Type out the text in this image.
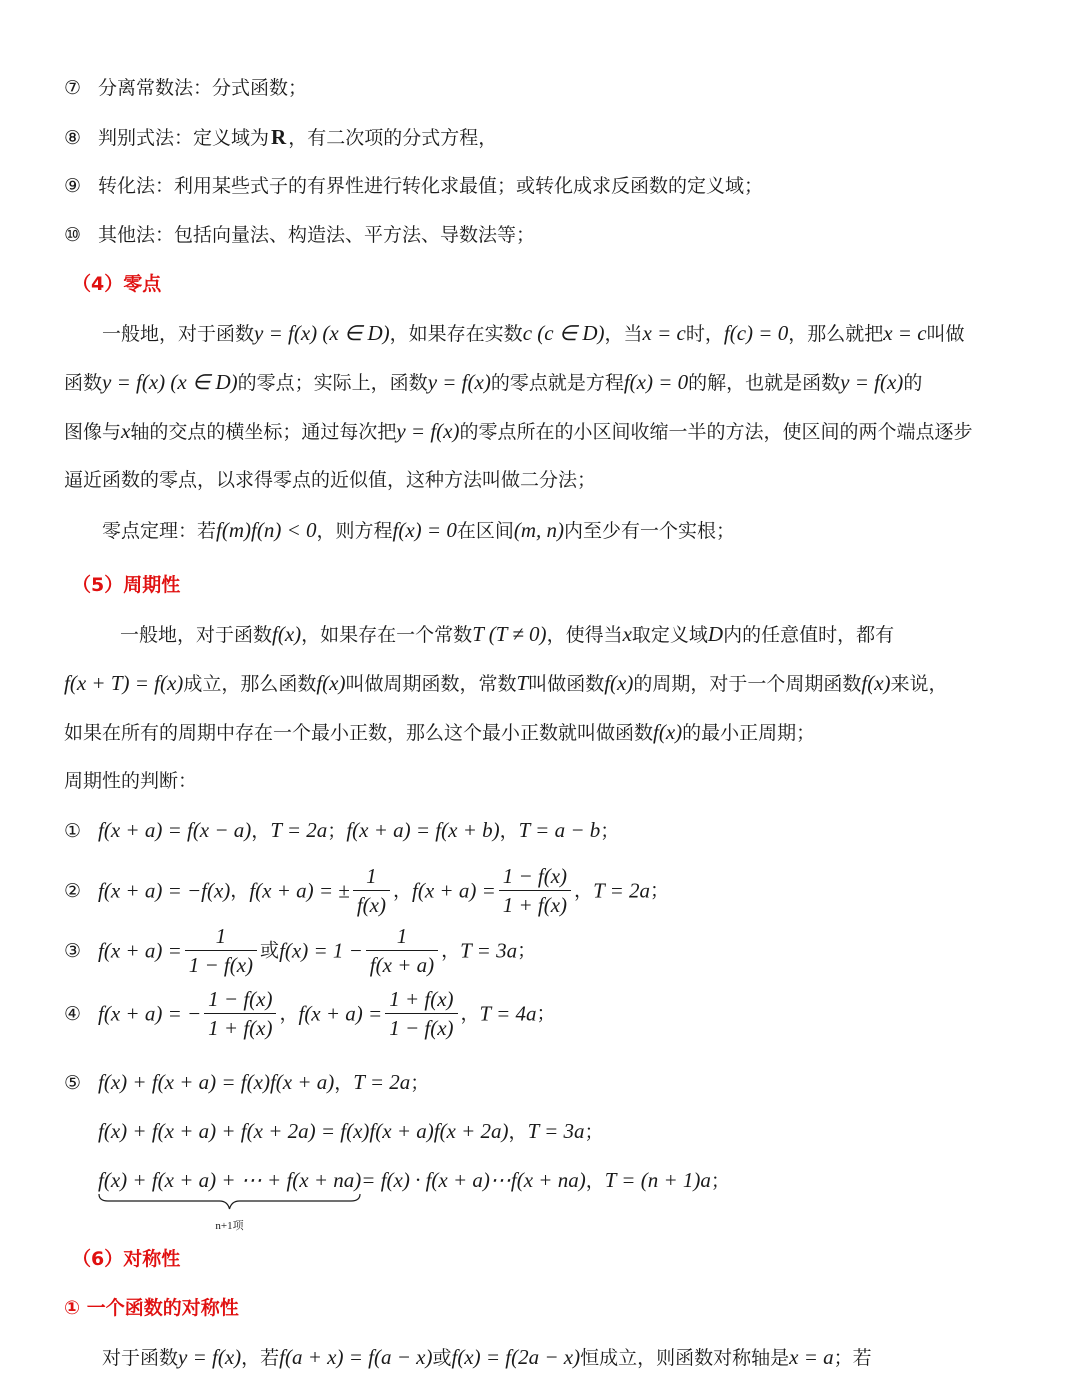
⑦ 分离常数法：分式函数；
⑧ 判别式法：定义域为R ，有二次项的分式方程，
⑨ 转化法：利用某些式子的有界性进行转化求最值；或转化成求反函数的定义域；
⑩ 其他法：包括向量法、构造法、平方法、导数法等；
（4）零点
一般地，对于函数y = f(x) (x ∈ D)，如果存在实数c (c ∈ D)，当x = c时，f(c) = 0，那么就把x = c叫做
函数y = f(x) (x ∈ D)的零点；实际上，函数y = f(x)的零点就是方程f(x) = 0的解，也就是函数y = f(x)的
图像与x轴的交点的横坐标；通过每次把y = f(x)的零点所在的小区间收缩一半的方法，使区间的两个端点逐步
逼近函数的零点，以求得零点的近似值，这种方法叫做二分法；
零点定理：若f(m)f(n) < 0，则方程f(x) = 0在区间(m, n)内至少有一个实根；
（5）周期性
一般地，对于函数f(x)，如果存在一个常数T (T ≠ 0)，使得当x取定义域D内的任意值时，都有
f(x + T) = f(x)成立，那么函数f(x)叫做周期函数，常数T叫做函数f(x)的周期，对于一个周期函数f(x)来说，
如果在所有的周期中存在一个最小正数，那么这个最小正数就叫做函数f(x)的最小正周期；
周期性的判断：
① f(x + a) = f(x − a)，T = 2a；f(x + a) = f(x + b)，T = a − b；
② f(x + a) = −f(x)，f(x + a) = ± $\frac{1}{f(x)}$ ，$f(x + a) = \frac{1 - f(x)}{1 + f(x)}$ ，T = 2a；
③ $f(x + a) = \frac{1}{1 - f(x)}$ 或$f(x) = 1 - \frac{1}{f(x + a)}$ ，T = 3a；
④ f(x + a) = − $\frac{1 - f(x)}{1 + f(x)}$ ，$f(x + a) = \frac{1 + f(x)}{1 - f(x)}$ ，T = 4a；
⑤ f(x) + f(x + a) = f(x)f(x + a)，T = 2a；
f(x) + f(x + a) + f(x + 2a) = f(x)f(x + a)f(x + 2a)，T = 3a；
f(x) + f(x + a) + ⋯ + f(x + na)
n+1项
= f(x) · f(x + a)⋯f(x + na)，T = (n + 1)a；
（6）对称性
① 一个函数的对称性
对于函数y = f(x)，若f(a + x) = f(a − x)或f(x) = f(2a − x)恒成立，则函数对称轴是x = a；若
